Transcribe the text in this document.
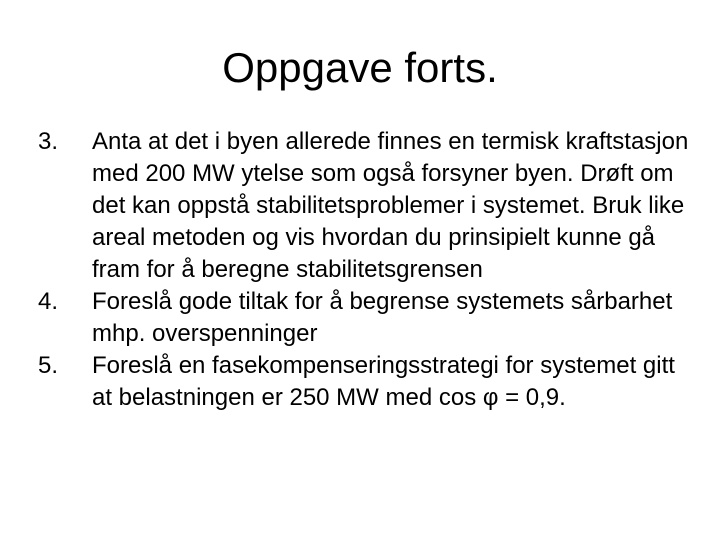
Oppgave forts.
3. Anta at det i byen allerede finnes en termisk kraftstasjon med 200 MW ytelse som også forsyner byen. Drøft om det kan oppstå stabilitetsproblemer i systemet. Bruk like areal metoden og vis hvordan du prinsipielt kunne gå fram for å beregne stabilitetsgrensen
4. Foreslå gode tiltak for å begrense systemets sårbarhet mhp. overspenninger
5. Foreslå en fasekompenseringsstrategi for systemet gitt at belastningen er 250 MW med cos φ = 0,9.
